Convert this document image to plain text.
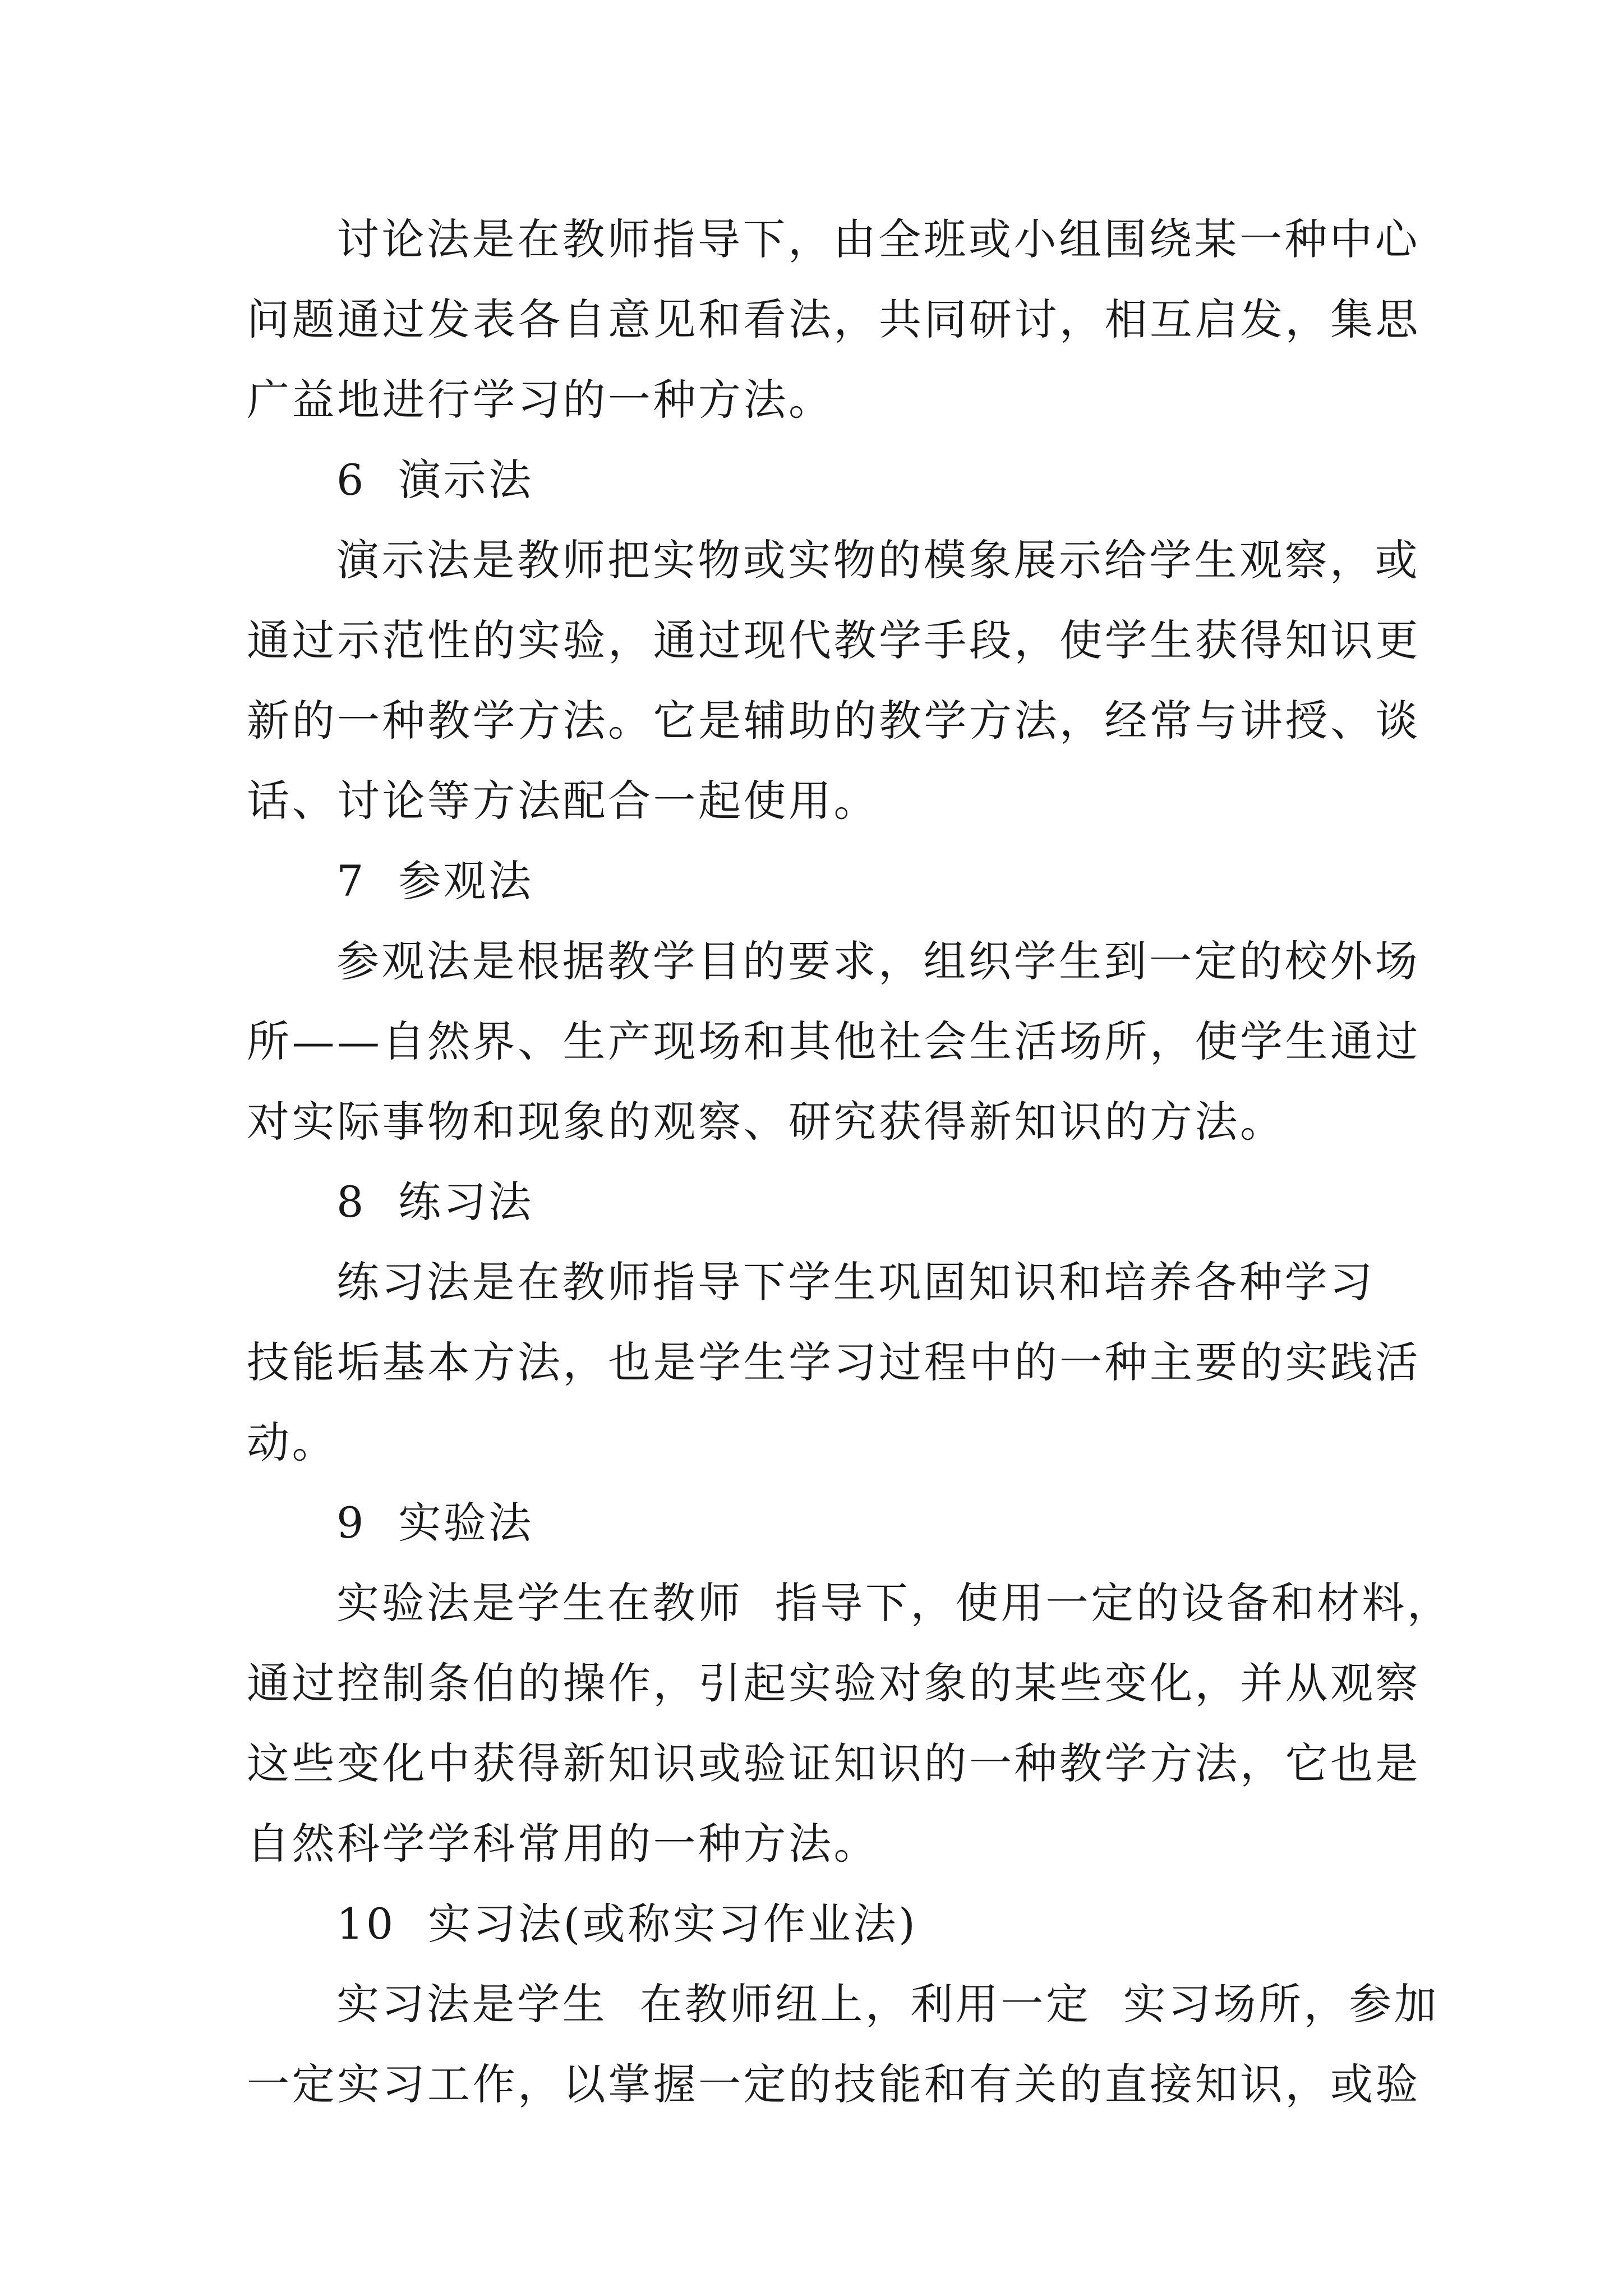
讨论法是在教师指导下，由全班或小组围绕某一种中心
问题通过发表各自意见和看法，共同研讨，相互启发，集思
广益地进行学习的一种方法。
6  演示法
演示法是教师把实物或实物的模象展示给学生观察，或
通过示范性的实验，通过现代教学手段，使学生获得知识更
新的一种教学方法。它是辅助的教学方法，经常与讲授、谈
话、讨论等方法配合一起使用。
7  参观法
参观法是根据教学目的要求，组织学生到一定的校外场
所——自然界、生产现场和其他社会生活场所，使学生通过
对实际事物和现象的观察、研究获得新知识的方法。
8  练习法
练习法是在教师指导下学生巩固知识和培养各种学习
技能垢基本方法，也是学生学习过程中的一种主要的实践活
动。
9  实验法
实验法是学生在教师  指导下，使用一定的设备和材料，
通过控制条伯的操作，引起实验对象的某些变化，并从观察
这些变化中获得新知识或验证知识的一种教学方法，它也是
自然科学学科常用的一种方法。
10  实习法(或称实习作业法)
实习法是学生  在教师纽上，利用一定  实习场所，参加
一定实习工作，以掌握一定的技能和有关的直接知识，或验
